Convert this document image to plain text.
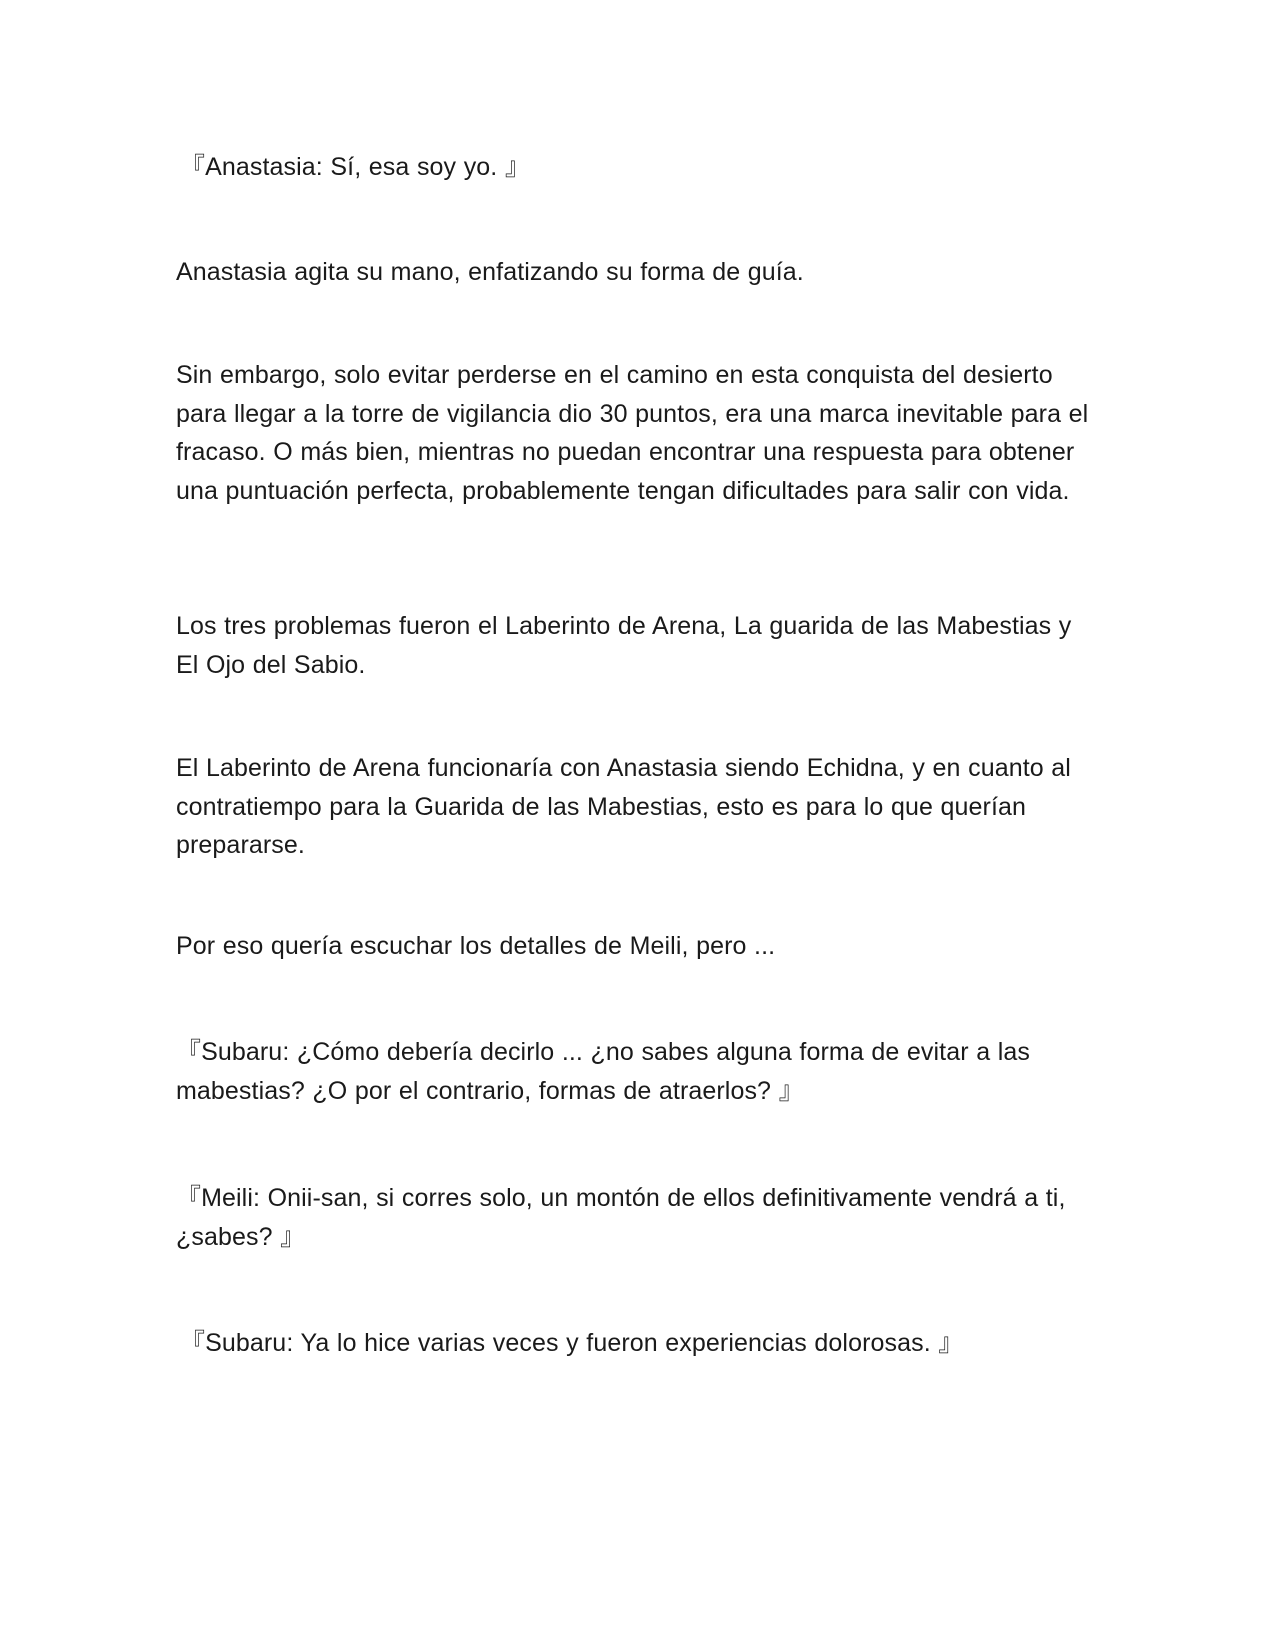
『Anastasia: Sí, esa soy yo. 』

Anastasia agita su mano, enfatizando su forma de guía.

Sin embargo, solo evitar perderse en el camino en esta conquista del desierto para llegar a la torre de vigilancia dio 30 puntos, era una marca inevitable para el fracaso. O más bien, mientras no puedan encontrar una respuesta para obtener una puntuación perfecta, probablemente tengan dificultades para salir con vida.

Los tres problemas fueron el Laberinto de Arena, La guarida de las Mabestias y El Ojo del Sabio.

El Laberinto de Arena funcionaría con Anastasia siendo Echidna, y en cuanto al contratiempo para la Guarida de las Mabestias, esto es para lo que querían prepararse.

Por eso quería escuchar los detalles de Meili, pero ...

『Subaru: ¿Cómo debería decirlo ... ¿no sabes alguna forma de evitar a las mabestias? ¿O por el contrario, formas de atraerlos? 』

『Meili: Onii-san, si corres solo, un montón de ellos definitivamente vendrá a ti, ¿sabes? 』

『Subaru: Ya lo hice varias veces y fueron experiencias dolorosas. 』
